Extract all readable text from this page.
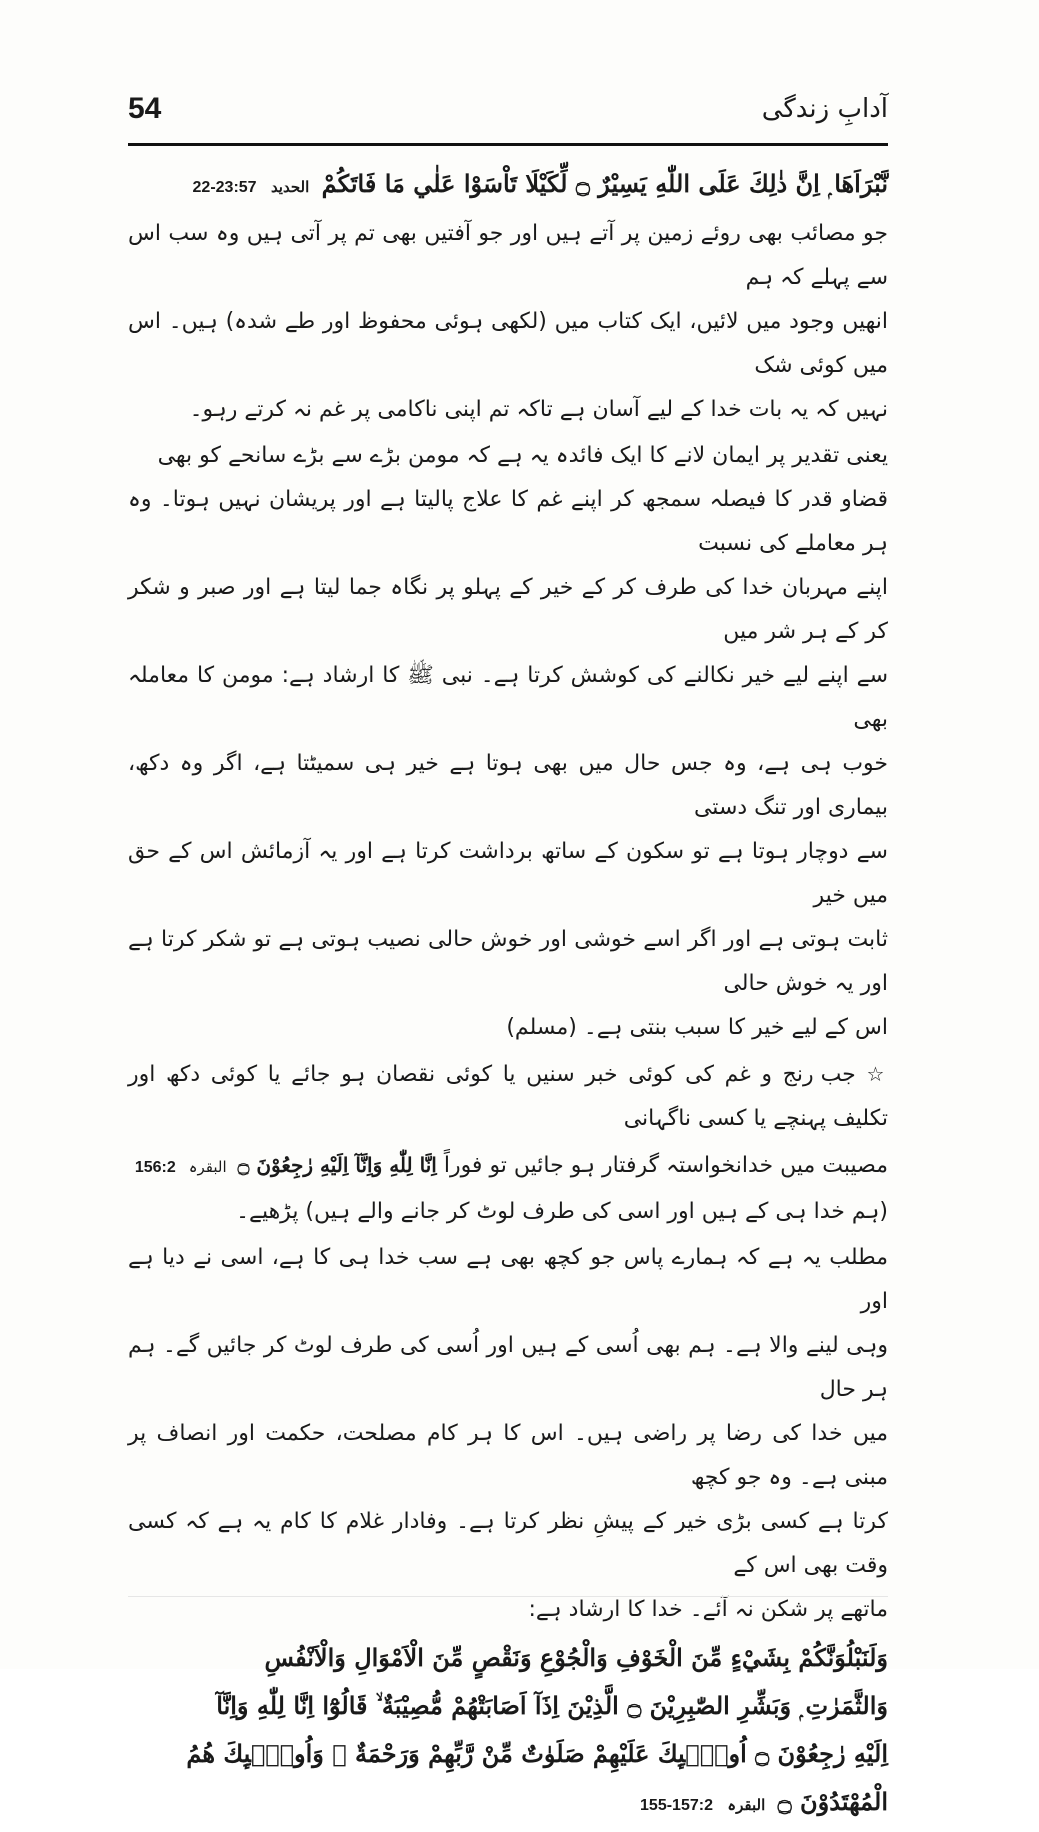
54	آدابِ زندگی

نَّبْرَاَهَا ۭ اِنَّ ذٰلِكَ عَلَى اللّٰهِ يَسِيْرٌ ۝ لِّكَيْلَا تَاْسَوْا عَلٰي مَا فَاتَكُمْ الحدید 22-23:57

جو مصائب بھی روئے زمین پر آتے ہیں اور جو آفتیں بھی تم پر آتی ہیں وہ سب اس سے پہلے کہ ہم

انھیں وجود میں لائیں، ایک کتاب میں (لکھی ہوئی محفوظ اور طے شدہ) ہیں۔ اس میں کوئی شک

نہیں کہ یہ بات خدا کے لیے آسان ہے تاکہ تم اپنی ناکامی پر غم نہ کرتے رہو۔

یعنی تقدیر پر ایمان لانے کا ایک فائدہ یہ ہے کہ مومن بڑے سے بڑے سانحے کو بھی

قضاو قدر کا فیصلہ سمجھ کر اپنے غم کا علاج پالیتا ہے اور پریشان نہیں ہوتا۔ وہ ہر معاملے کی نسبت

اپنے مہربان خدا کی طرف کر کے خیر کے پہلو پر نگاہ جما لیتا ہے اور صبر و شکر کر کے ہر شر میں

سے اپنے لیے خیر نکالنے کی کوشش کرتا ہے۔ نبی ﷺ کا ارشاد ہے: مومن کا معاملہ بھی

خوب ہی ہے، وہ جس حال میں بھی ہوتا ہے خیر ہی سمیٹتا ہے، اگر وہ دکھ، بیماری اور تنگ دستی

سے دوچار ہوتا ہے تو سکون کے ساتھ برداشت کرتا ہے اور یہ آزمائش اس کے حق میں خیر

ثابت ہوتی ہے اور اگر اسے خوشی اور خوش حالی نصیب ہوتی ہے تو شکر کرتا ہے اور یہ خوش حالی

اس کے لیے خیر کا سبب بنتی ہے۔ (مسلم)

☆ جب رنج و غم کی کوئی خبر سنیں یا کوئی نقصان ہو جائے یا کوئی دکھ اور تکلیف پہنچے یا کسی ناگہانی

مصیبت میں خدانخواستہ گرفتار ہو جائیں تو فوراً اِنَّا لِلّٰهِ وَاِنَّآ اِلَيْهِ رٰجِعُوْنَ ۝ البقرہ 156:2

(ہم خدا ہی کے ہیں اور اسی کی طرف لوٹ کر جانے والے ہیں) پڑھیے۔

مطلب یہ ہے کہ ہمارے پاس جو کچھ بھی ہے سب خدا ہی کا ہے، اسی نے دیا ہے اور

وہی لینے والا ہے۔ ہم بھی اُسی کے ہیں اور اُسی کی طرف لوٹ کر جائیں گے۔ ہم ہر حال

میں خدا کی رضا پر راضی ہیں۔ اس کا ہر کام مصلحت، حکمت اور انصاف پر مبنی ہے۔ وہ جو کچھ

کرتا ہے کسی بڑی خیر کے پیشِ نظر کرتا ہے۔ وفادار غلام کا کام یہ ہے کہ کسی وقت بھی اس کے

ماتھے پر شکن نہ آئے۔ خدا کا ارشاد ہے:

وَلَنَبْلُوَنَّكُمْ بِشَيْءٍ مِّنَ الْخَوْفِ وَالْجُوْعِ وَنَقْصٍ مِّنَ الْاَمْوَالِ وَالْاَنْفُسِ

وَالثَّمَرٰتِ ۭ وَبَشِّرِ الصّٰبِرِيْنَ ۝ الَّذِيْنَ اِذَآ اَصَابَتْهُمْ مُّصِيْبَةٌ ۙ قَالُوْٓا اِنَّا لِلّٰهِ وَاِنَّآ

اِلَيْهِ رٰجِعُوْنَ ۝ اُولٰۗىِٕكَ عَلَيْهِمْ صَلَوٰتٌ مِّنْ رَّبِّهِمْ وَرَحْمَةٌ ۣ وَاُولٰۗىِٕكَ هُمُ

الْمُهْتَدُوْنَ ۝ البقرہ 155-157:2
